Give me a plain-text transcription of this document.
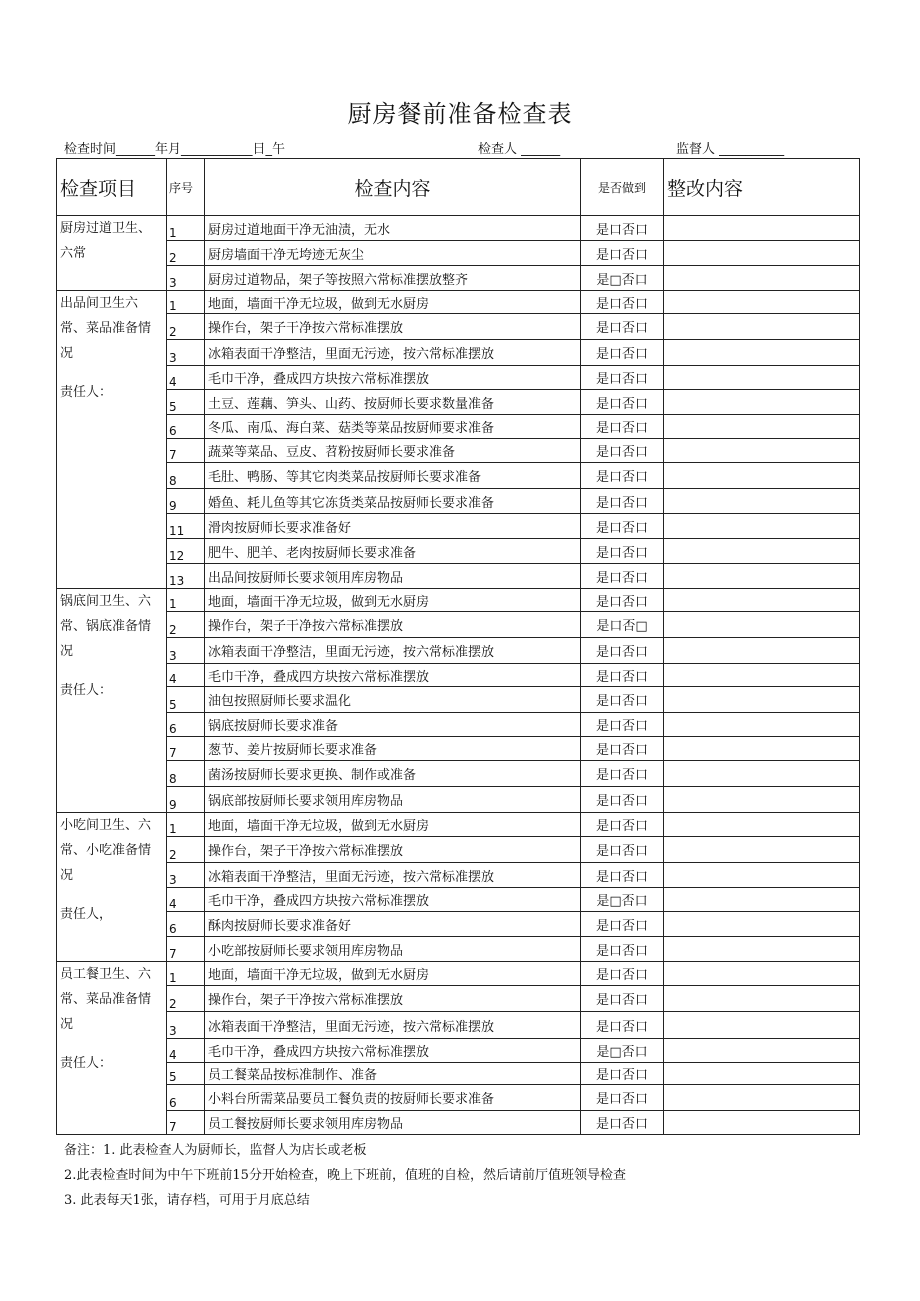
厨房餐前准备检查表
检查时间______年月___________日_午	检查人 ______	监督人 __________
检查项目	序号	检查内容	是否做到	整改内容

厨房过道卫生、六常	1	厨房过道地面干净无油渍，无水	是口否口	
	2	厨房墙面干净无垮迹无灰尘	是口否口	
	3	厨房过道物品，架子等按照六常标准摆放整齐	是□否口	

出品间卫生六常、菜品准备情况
责任人：	1	地面，墙面干净无垃圾，做到无水厨房	是口否口	
	2	操作台，架子干净按六常标准摆放	是口否口	
	3	冰箱表面干净整洁，里面无污迹，按六常标准摆放	是口否口	
	4	毛巾干净，叠成四方块按六常标准摆放	是口否口	
	5	土豆、莲藕、笋头、山药、按厨师长要求数量准备	是口否口	
	6	冬瓜、南瓜、海白菜、菇类等菜品按厨师要求准备	是口否口	
	7	蔬菜等菜品、豆皮、苕粉按厨师长要求准备	是口否口	
	8	毛肚、鸭肠、等其它肉类菜品按厨师长要求准备	是口否口	
	9	婚鱼、耗儿鱼等其它冻货类菜品按厨师长要求准备	是口否口	
	11	滑肉按厨师长要求准备好	是口否口	
	12	肥牛、肥羊、老肉按厨师长要求准备	是口否口	
	13	出品间按厨师长要求领用库房物品	是口否口	

锅底间卫生、六常、锅底准备情况
责任人：	1	地面，墙面干净无垃圾，做到无水厨房	是口否口	
	2	操作台，架子干净按六常标准摆放	是口否□	
	3	冰箱表面干净整洁，里面无污迹，按六常标准摆放	是口否口	
	4	毛巾干净，叠成四方块按六常标准摆放	是口否口	
	5	油包按照厨师长要求温化	是口否口	
	6	锅底按厨师长要求准备	是口否口	
	7	葱节、姜片按厨师长要求准备	是口否口	
	8	菌汤按厨师长要求更换、制作或准备	是口否口	
	9	锅底部按厨师长要求领用库房物品	是口否口	

小吃间卫生、六常、小吃准备情况
责任人，	1	地面，墙面干净无垃圾，做到无水厨房	是口否口	
	2	操作台，架子干净按六常标准摆放	是口否口	
	3	冰箱表面干净整洁，里面无污迹，按六常标准摆放	是口否口	
	4	毛巾干净，叠成四方块按六常标准摆放	是□否口	
	6	酥肉按厨师长要求准备好	是口否口	
	7	小吃部按厨师长要求领用库房物品	是口否口	

员工餐卫生、六常、菜品准备情况
责任人：	1	地面，墙面干净无垃圾，做到无水厨房	是口否口	
	2	操作台，架子干净按六常标准摆放	是口否口	
	3	冰箱表面干净整洁，里面无污迹，按六常标准摆放	是口否口	
	4	毛巾干净，叠成四方块按六常标准摆放	是□否口	
	5	员工餐菜品按标准制作、准备	是口否口	
	6	小料台所需菜品要员工餐负责的按厨师长要求准备	是口否口	
	7	员工餐按厨师长要求领用库房物品	是口否口	
备注：1. 此表检查人为厨师长，监督人为店长或老板
2.此表检查时间为中午下班前15分开始检查，晚上下班前，值班的自检，然后请前厅值班领导检查
3. 此表每天1张，请存档，可用于月底总结
